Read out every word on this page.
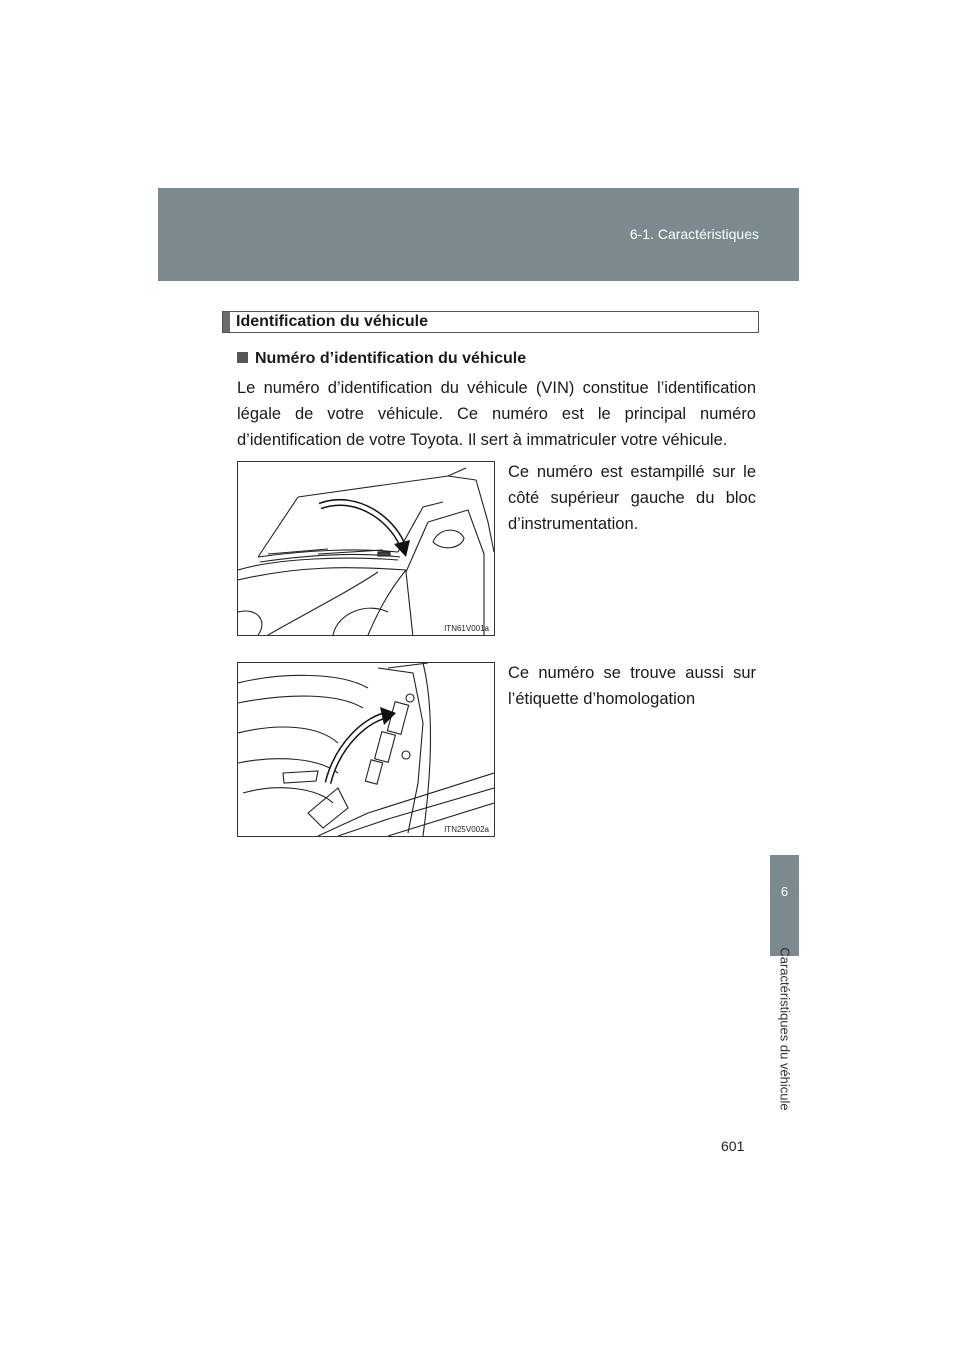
6-1. Caractéristiques
6
Caractéristiques du véhicule
Identification du véhicule
Numéro d’identification du véhicule
Le numéro d’identification du véhicule (VIN) constitue l’identification
légale de votre véhicule. Ce numéro est le principal numéro
d’identification de votre Toyota. Il sert à immatriculer votre véhicule.
ITN61V001a
Ce numéro est estampillé sur le
côté supérieur gauche du bloc
d’instrumentation.
ITN25V002a
Ce numéro se trouve aussi sur
l’étiquette d’homologation
601
